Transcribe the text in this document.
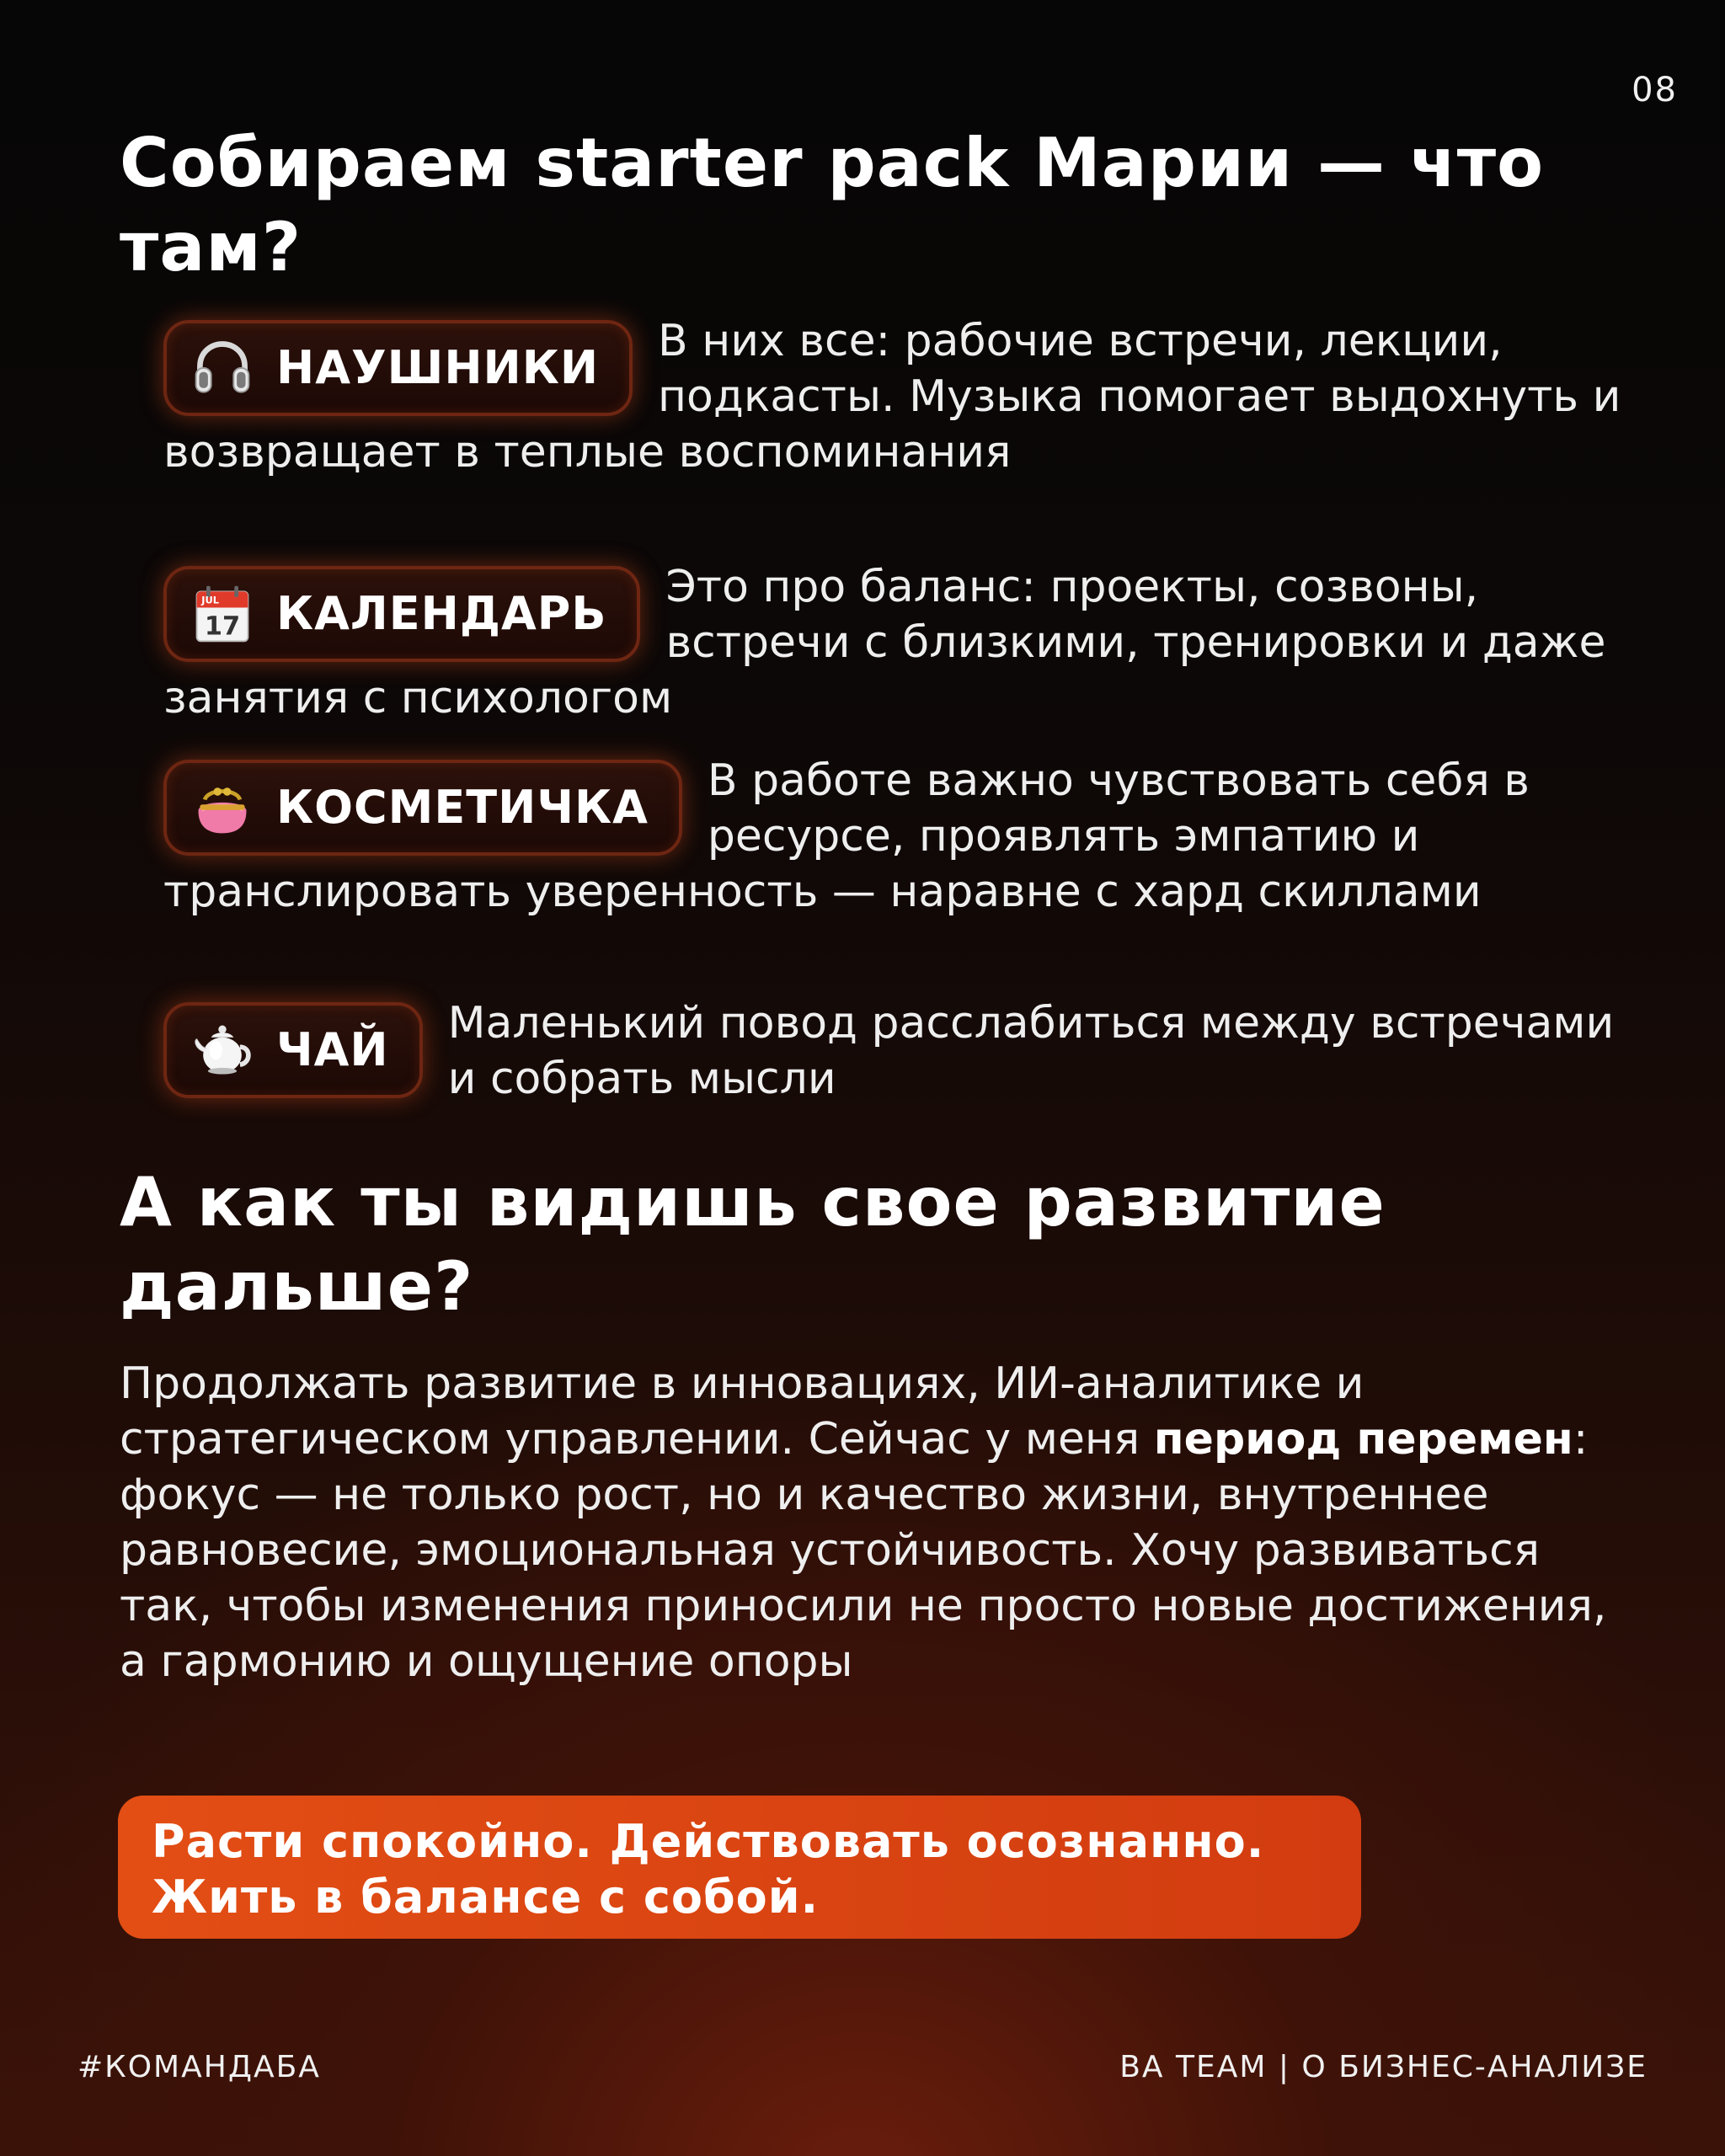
08
Собираем starter pack Марии — что там?
НАУШНИКИ В них все: рабочие встречи, лекции, подкасты. Музыка помогает выдохнуть и возвращает в теплые воспоминания
JUL
17 КАЛЕНДАРЬ Это про баланс: проекты, созвоны, встречи с близкими, тренировки и даже занятия с психологом
КОСМЕТИЧКА В работе важно чувствовать себя в ресурсе, проявлять эмпатию и транслировать уверенность — наравне с хард скиллами
ЧАЙ Маленький повод расслабиться между встречами и собрать мысли
А как ты видишь свое развитие дальше?

Продолжать развитие в инновациях, ИИ-аналитике и стратегическом управлении. Сейчас у меня период перемен: фокус — не только рост, но и качество жизни, внутреннее равновесие, эмоциональная устойчивость. Хочу развиваться так, чтобы изменения приносили не просто новые достижения, а гармонию и ощущение опоры

Расти спокойно. Действовать осознанно.
Жить в балансе с собой.
#КОМАНДАБА	BA TEAM | О БИЗНЕС-АНАЛИЗЕ
